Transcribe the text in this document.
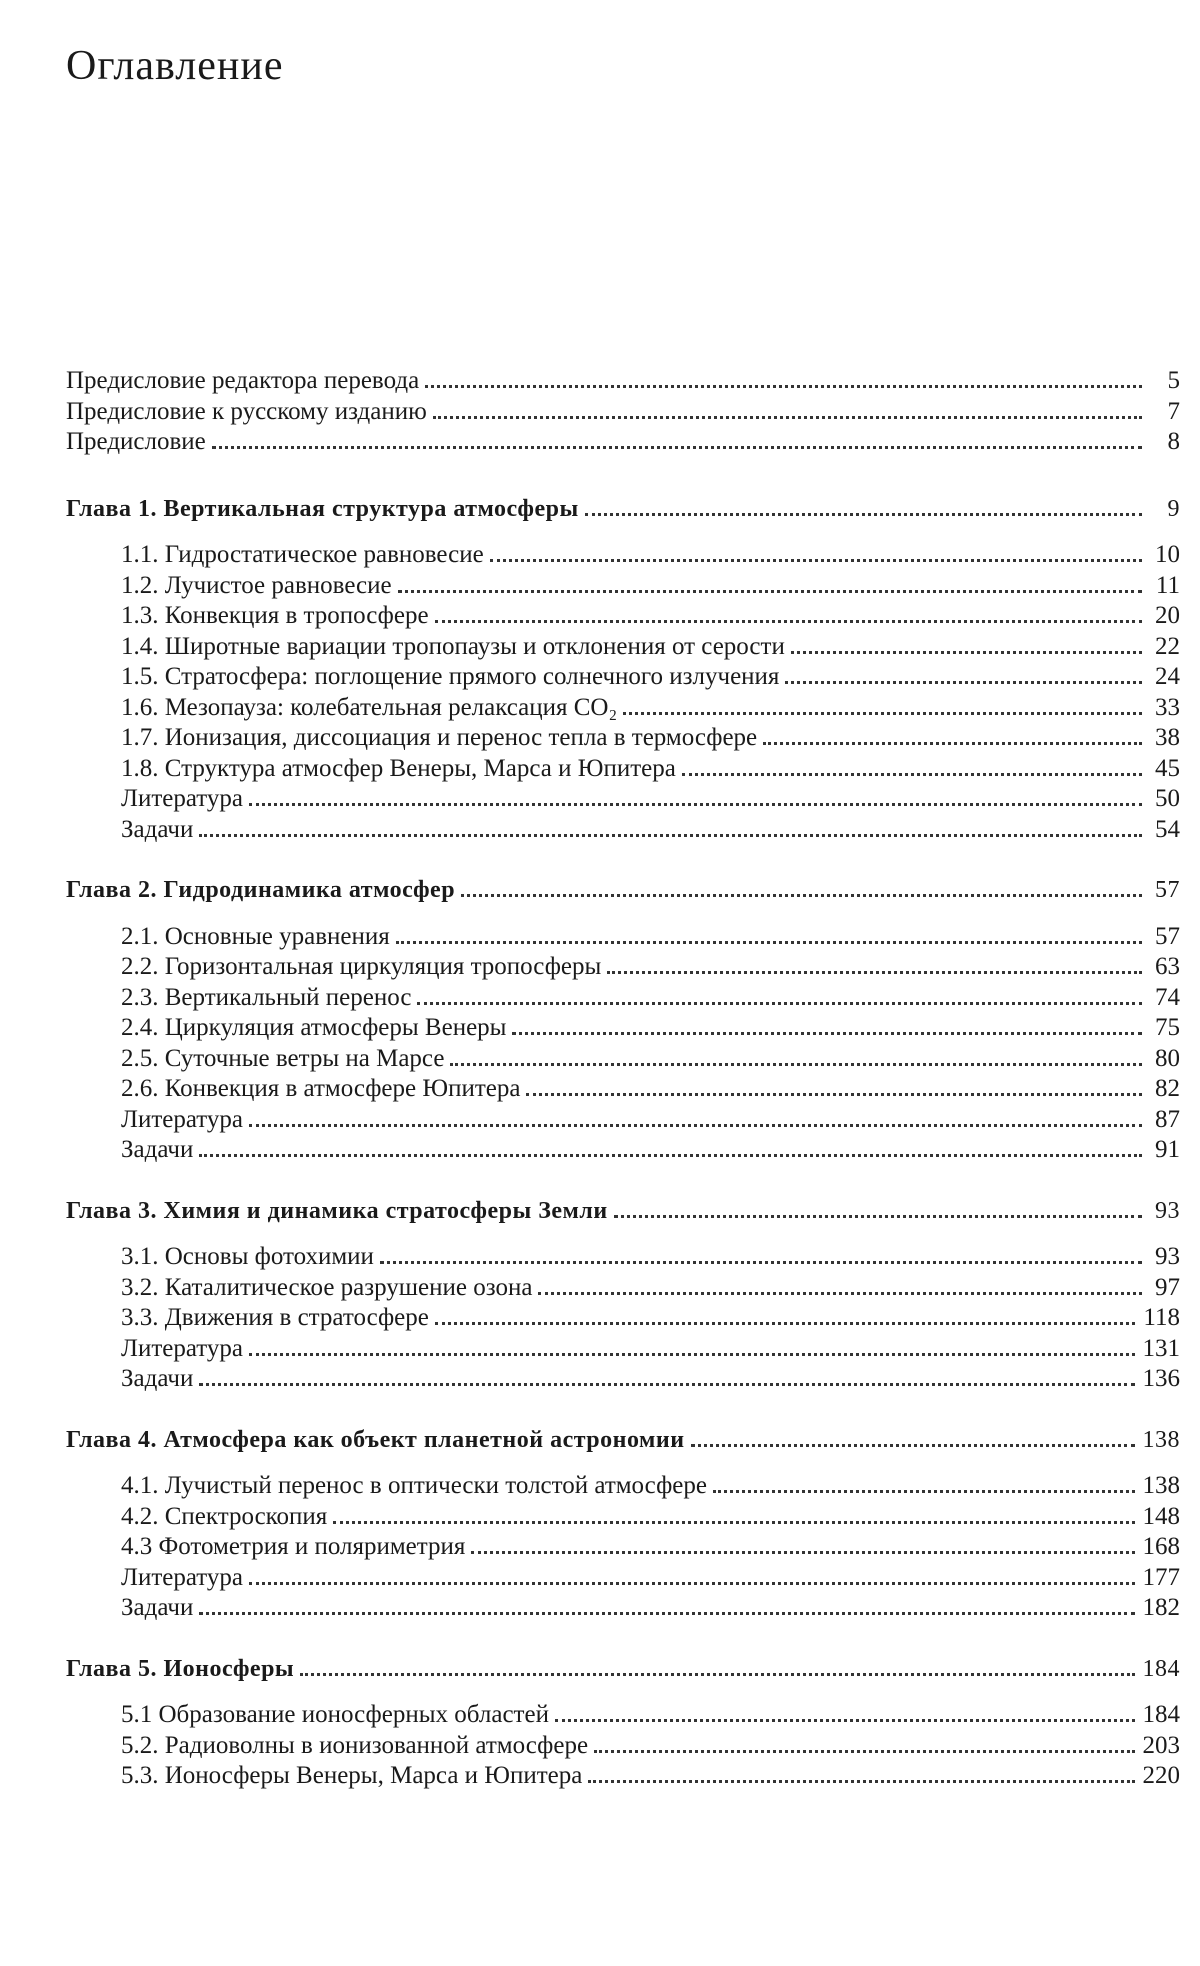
Оглавление
Предисловие редактора перевода	5
Предисловие к русскому изданию	7
Предисловие	8
Глава 1. Вертикальная структура атмосферы	9
1.1. Гидростатическое равновесие	10
1.2. Лучистое равновесие	11
1.3. Конвекция в тропосфере	20
1.4. Широтные вариации тропопаузы и отклонения от серости	22
1.5. Стратосфера: поглощение прямого солнечного излучения	24
1.6. Мезопауза: колебательная релаксация CO₂	33
1.7. Ионизация, диссоциация и перенос тепла в термосфере	38
1.8. Структура атмосфер Венеры, Марса и Юпитера	45
Литература	50
Задачи	54
Глава 2. Гидродинамика атмосфер	57
2.1. Основные уравнения	57
2.2. Горизонтальная циркуляция тропосферы	63
2.3. Вертикальный перенос	74
2.4. Циркуляция атмосферы Венеры	75
2.5. Суточные ветры на Марсе	80
2.6. Конвекция в атмосфере Юпитера	82
Литература	87
Задачи	91
Глава 3. Химия и динамика стратосферы Земли	93
3.1. Основы фотохимии	93
3.2. Каталитическое разрушение озона	97
3.3. Движения в стратосфере	118
Литература	131
Задачи	136
Глава 4. Атмосфера как объект планетной астрономии	138
4.1. Лучистый перенос в оптически толстой атмосфере	138
4.2. Спектроскопия	148
4.3 Фотометрия и поляриметрия	168
Литература	177
Задачи	182
Глава 5. Ионосферы	184
5.1 Образование ионосферных областей	184
5.2. Радиоволны в ионизованной атмосфере	203
5.3. Ионосферы Венеры, Марса и Юпитера	220
